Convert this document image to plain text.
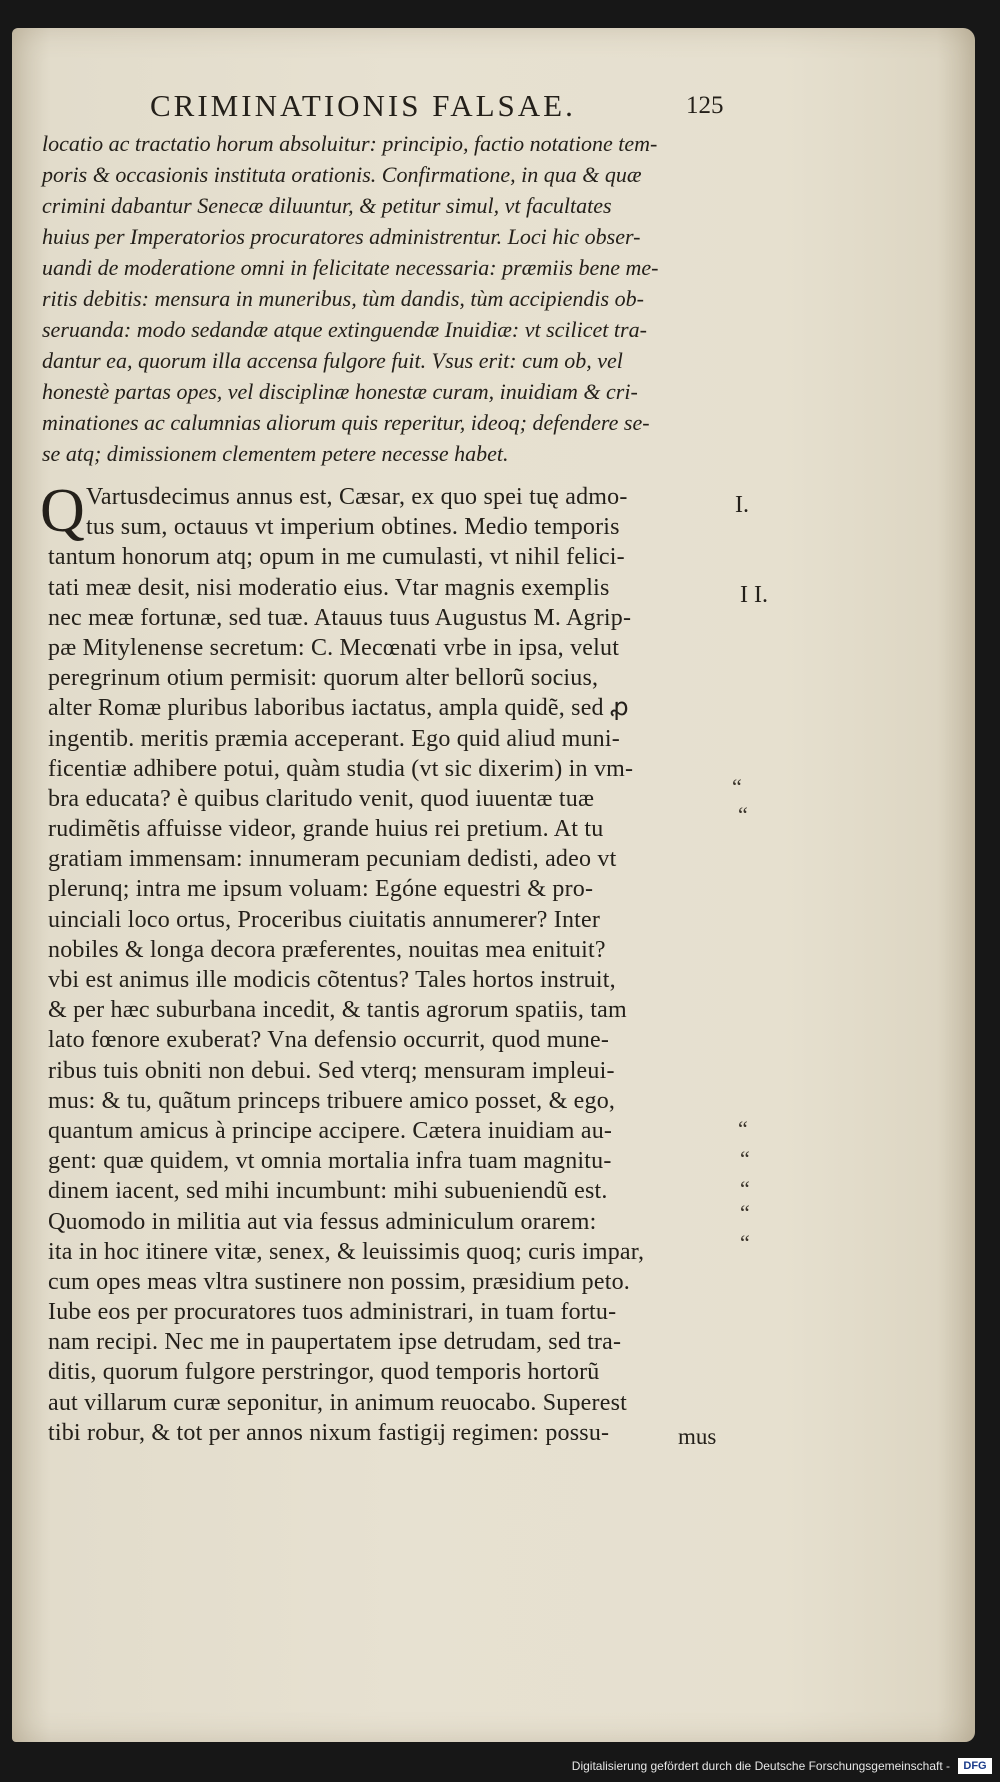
CRIMINATIONIS FALSAE.	125
locatio ac tractatio horum absoluitur: principio, factio notatione tem-
poris & occasionis instituta orationis. Confirmatione, in qua & quæ
crimini dabantur Senecæ diluuntur, & petitur simul, vt facultates
huius per Imperatorios procuratores administrentur. Loci hic obser-
uandi de moderatione omni in felicitate necessaria: præmiis bene me-
ritis debitis: mensura in muneribus, tùm dandis, tùm accipiendis ob-
seruanda: modo sedandæ atque extinguendæ Inuidiæ: vt scilicet tra-
dantur ea, quorum illa accensa fulgore fuit. Vsus erit: cum ob, vel
honestè partas opes, vel disciplinæ honestæ curam, inuidiam & cri-
minationes ac calumnias aliorum quis reperitur, ideoq; defendere se-
se atq; dimissionem clementem petere necesse habet.
Q Vartusdecimus annus est, Cæsar, ex quo spei tuę admo-
tus sum, octauus vt imperium obtines. Medio temporis
tantum honorum atq; opum in me cumulasti, vt nihil felici-
tati meæ desit, nisi moderatio eius. Vtar magnis exemplis
nec meæ fortunæ, sed tuæ. Atauus tuus Augustus M. Agrip-
pæ Mitylenense secretum: C. Mecœnati vrbe in ipsa, velut
peregrinum otium permisit: quorum alter bellorũ socius,
alter Romæ pluribus laboribus iactatus, ampla quidẽ, sed ꝓ
ingentib. meritis præmia acceperant. Ego quid aliud muni-
ficentiæ adhibere potui, quàm studia (vt sic dixerim) in vm-
bra educata? è quibus claritudo venit, quod iuuentæ tuæ
rudimẽtis affuisse videor, grande huius rei pretium. At tu
gratiam immensam: innumeram pecuniam dedisti, adeo vt
plerunq; intra me ipsum voluam: Egóne equestri & pro-
uinciali loco ortus, Proceribus ciuitatis annumerer? Inter
nobiles & longa decora præferentes, nouitas mea enituit?
vbi est animus ille modicis cõtentus? Tales hortos instruit,
& per hæc suburbana incedit, & tantis agrorum spatiis, tam
lato fœnore exuberat? Vna defensio occurrit, quod mune-
ribus tuis obniti non debui. Sed vterq; mensuram impleui-
mus: & tu, quãtum princeps tribuere amico posset, & ego,
quantum amicus à principe accipere. Cætera inuidiam au-
gent: quæ quidem, vt omnia mortalia infra tuam magnitu-
dinem iacent, sed mihi incumbunt: mihi subueniendũ est.
Quomodo in militia aut via fessus adminiculum orarem:
ita in hoc itinere vitæ, senex, & leuissimis quoq; curis impar,
cum opes meas vltra sustinere non possim, præsidium peto.
Iube eos per procuratores tuos administrari, in tuam fortu-
nam recipi. Nec me in paupertatem ipse detrudam, sed tra-
ditis, quorum fulgore perstringor, quod temporis hortorũ
aut villarum curæ seponitur, in animum reuocabo. Superest
tibi robur, & tot per annos nixum fastigij regimen: possu-
I.
I I.
“
“
“
“
“
“
“
mus
Digitalisierung gefördert durch die Deutsche Forschungsgemeinschaft -	DFG
